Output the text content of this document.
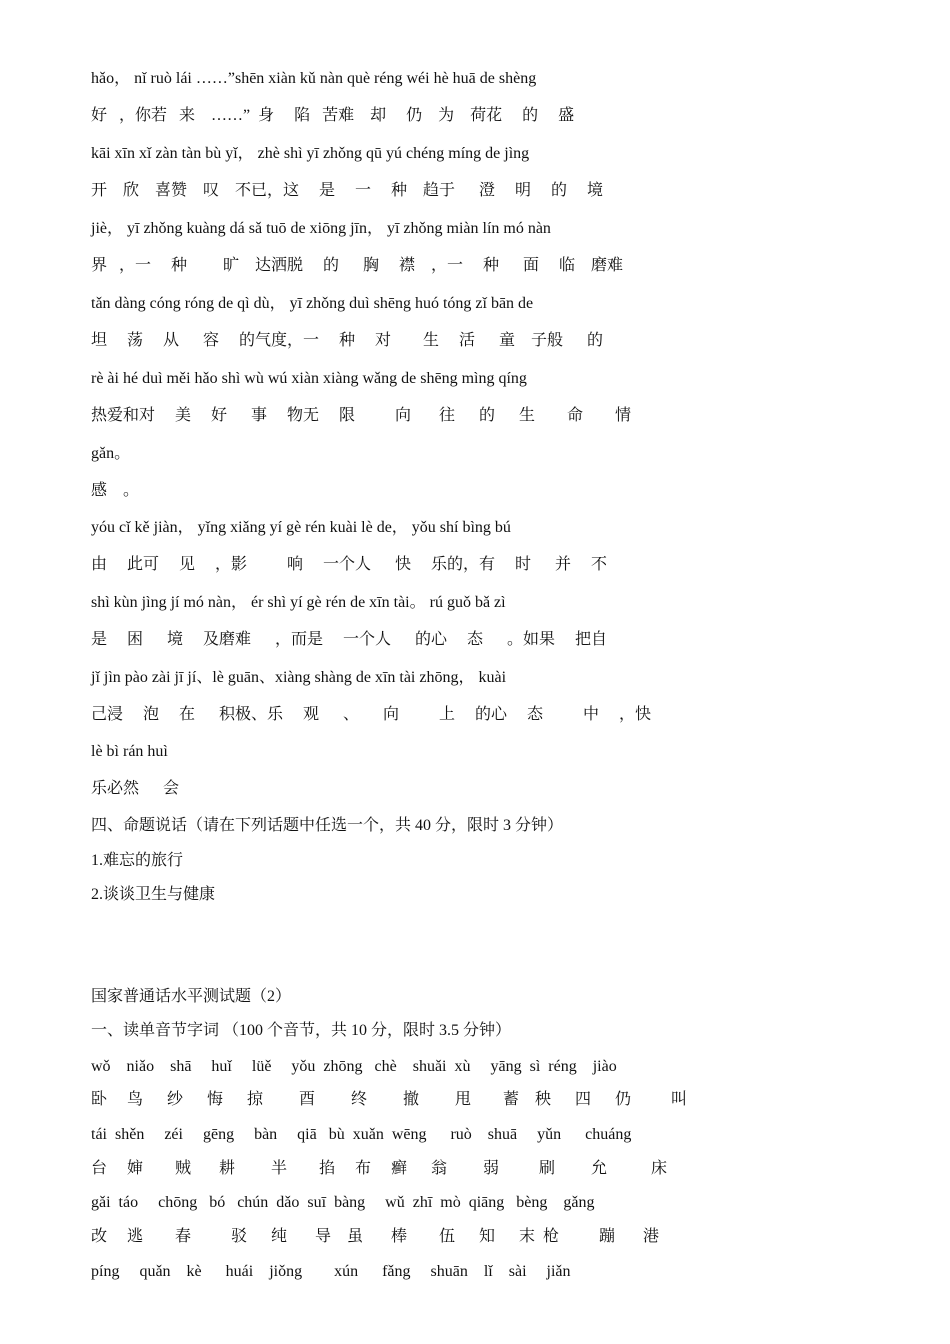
hǎo， nǐ ruò lái ……”shēn xiàn kǔ nàn què réng wéi hè huā de shèng
好   ，你若   来    ……”  身     陷   苦难    却     仍    为    荷花     的     盛
kāi xīn xǐ zàn tàn bù yǐ， zhè shì yī zhǒng qū yú chéng míng de jìng
开    欣    喜赞    叹    不已，这     是     一     种    趋于      澄     明     的     境
jiè， yī zhǒng kuàng dá sǎ tuō de xiōng jīn， yī zhǒng miàn lín mó nàn
界   ，一     种         旷    达洒脱     的      胸     襟    ，一     种      面     临    磨难
tǎn dàng cóng róng de qì dù， yī zhǒng duì shēng huó tóng zǐ bān de
坦     荡     从      容     的气度，一     种     对        生     活      童    子般      的
rè ài hé duì měi hǎo shì wù wú xiàn xiàng wǎng de shēng mìng qíng
热爱和对     美     好      事     物无     限          向       往      的      生        命        情
gǎn。
感    。
yóu cǐ kě jiàn， yǐng xiǎng yí gè rén kuài lè de， yǒu shí bìng bú
由     此可     见     ，影          响     一个人      快     乐的，有     时      并     不
shì kùn jìng jí mó nàn， ér shì yí gè rén de xīn tài。 rú guǒ bǎ zì
是     困      境     及磨难      ，而是     一个人      的心     态      。如果     把自
jǐ jìn pào zài jī jí、lè guān、xiàng shàng de xīn tài zhōng， kuài
己浸     泡     在      积极、乐     观      、      向          上     的心     态          中     ，快
lè bì rán huì
乐必然      会
四、命题说话（请在下列话题中任选一个，共 40 分，限时 3 分钟）
1.难忘的旅行
2.谈谈卫生与健康
国家普通话水平测试题（2）
一、读单音节字词 （100 个音节，共 10 分，限时 3.5 分钟）
wǒ    niǎo    shā     huǐ     lüě     yǒu  zhōng   chè    shuǎi  xù     yāng  sì  réng    jiào
卧     鸟      纱      悔      掠         酉         终         撤         甩        蓄    秧      四      仍          叫
tái  shěn     zéi     gēng     bàn     qiā   bù  xuǎn  wēng      ruò    shuā     yǔn      chuáng
台     婶        贼       耕         半        掐     布     癣      翁         弱          刷         允           床
gǎi  táo     chōng   bó   chún  dǎo  suī  bàng     wǔ  zhī  mò  qiāng   bèng    gǎng
改     逃        春          驳      纯       导    虽       棒        伍      知      末  枪          蹦       港
píng     quǎn    kè      huái    jiǒng        xún      fǎng     shuān    lǐ    sài     jiǎn
